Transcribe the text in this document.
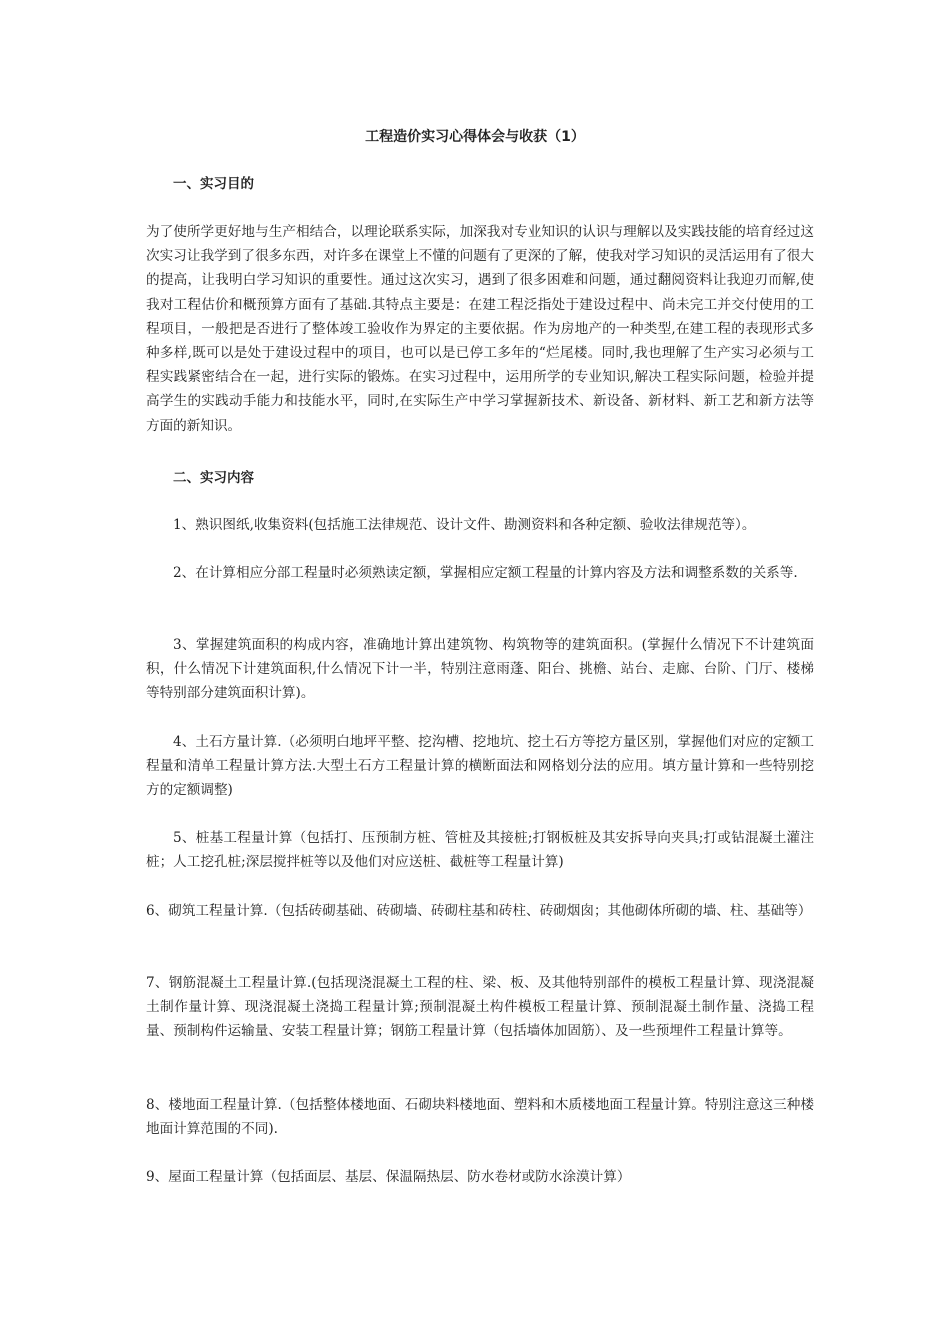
工程造价实习心得体会与收获（1）
一、实习目的

为了使所学更好地与生产相结合，以理论联系实际，加深我对专业知识的认识与理解以及实践技能的培育经过这次实习让我学到了很多东西，对许多在课堂上不懂的问题有了更深的了解，使我对学习知识的灵活运用有了很大的提高，让我明白学习知识的重要性。通过这次实习，遇到了很多困难和问题，通过翻阅资料让我迎刃而解,使我对工程估价和概预算方面有了基础.其特点主要是：在建工程泛指处于建设过程中、尚未完工并交付使用的工程项目，一般把是否进行了整体竣工验收作为界定的主要依据。作为房地产的一种类型,在建工程的表现形式多种多样,既可以是处于建设过程中的项目，也可以是已停工多年的“烂尾楼。同时,我也理解了生产实习必须与工程实践紧密结合在一起，进行实际的锻炼。在实习过程中，运用所学的专业知识,解决工程实际问题，检验并提高学生的实践动手能力和技能水平，同时,在实际生产中学习掌握新技术、新设备、新材料、新工艺和新方法等方面的新知识。

二、实习内容

1、熟识图纸,收集资料(包括施工法律规范、设计文件、勘测资料和各种定额、验收法律规范等）。

2、在计算相应分部工程量时必须熟读定额，掌握相应定额工程量的计算内容及方法和调整系数的关系等.

3、掌握建筑面积的构成内容，准确地计算出建筑物、构筑物等的建筑面积。(掌握什么情况下不计建筑面积，什么情况下计建筑面积,什么情况下计一半，特别注意雨蓬、阳台、挑檐、站台、走廊、台阶、门厅、楼梯等特别部分建筑面积计算)。

4、土石方量计算.（必须明白地坪平整、挖沟槽、挖地坑、挖土石方等挖方量区别，掌握他们对应的定额工程量和清单工程量计算方法.大型土石方工程量计算的横断面法和网格划分法的应用。填方量计算和一些特别挖方的定额调整)

5、桩基工程量计算（包括打、压预制方桩、管桩及其接桩;打钢板桩及其安拆导向夹具;打或钻混凝土灌注桩；人工挖孔桩;深层搅拌桩等以及他们对应送桩、截桩等工程量计算)

6、砌筑工程量计算.（包括砖砌基础、砖砌墙、砖砌柱基和砖柱、砖砌烟囱；其他砌体所砌的墙、柱、基础等）

7、钢筋混凝土工程量计算.(包括现浇混凝土工程的柱、梁、板、及其他特别部件的模板工程量计算、现浇混凝土制作量计算、现浇混凝土浇捣工程量计算;预制混凝土构件模板工程量计算、预制混凝土制作量、浇捣工程量、预制构件运输量、安装工程量计算；钢筋工程量计算（包括墙体加固筋）、及一些预埋件工程量计算等。

8、楼地面工程量计算.（包括整体楼地面、石砌块料楼地面、塑料和木质楼地面工程量计算。特别注意这三种楼地面计算范围的不同).

9、屋面工程量计算（包括面层、基层、保温隔热层、防水卷材或防水涂漠计算）
